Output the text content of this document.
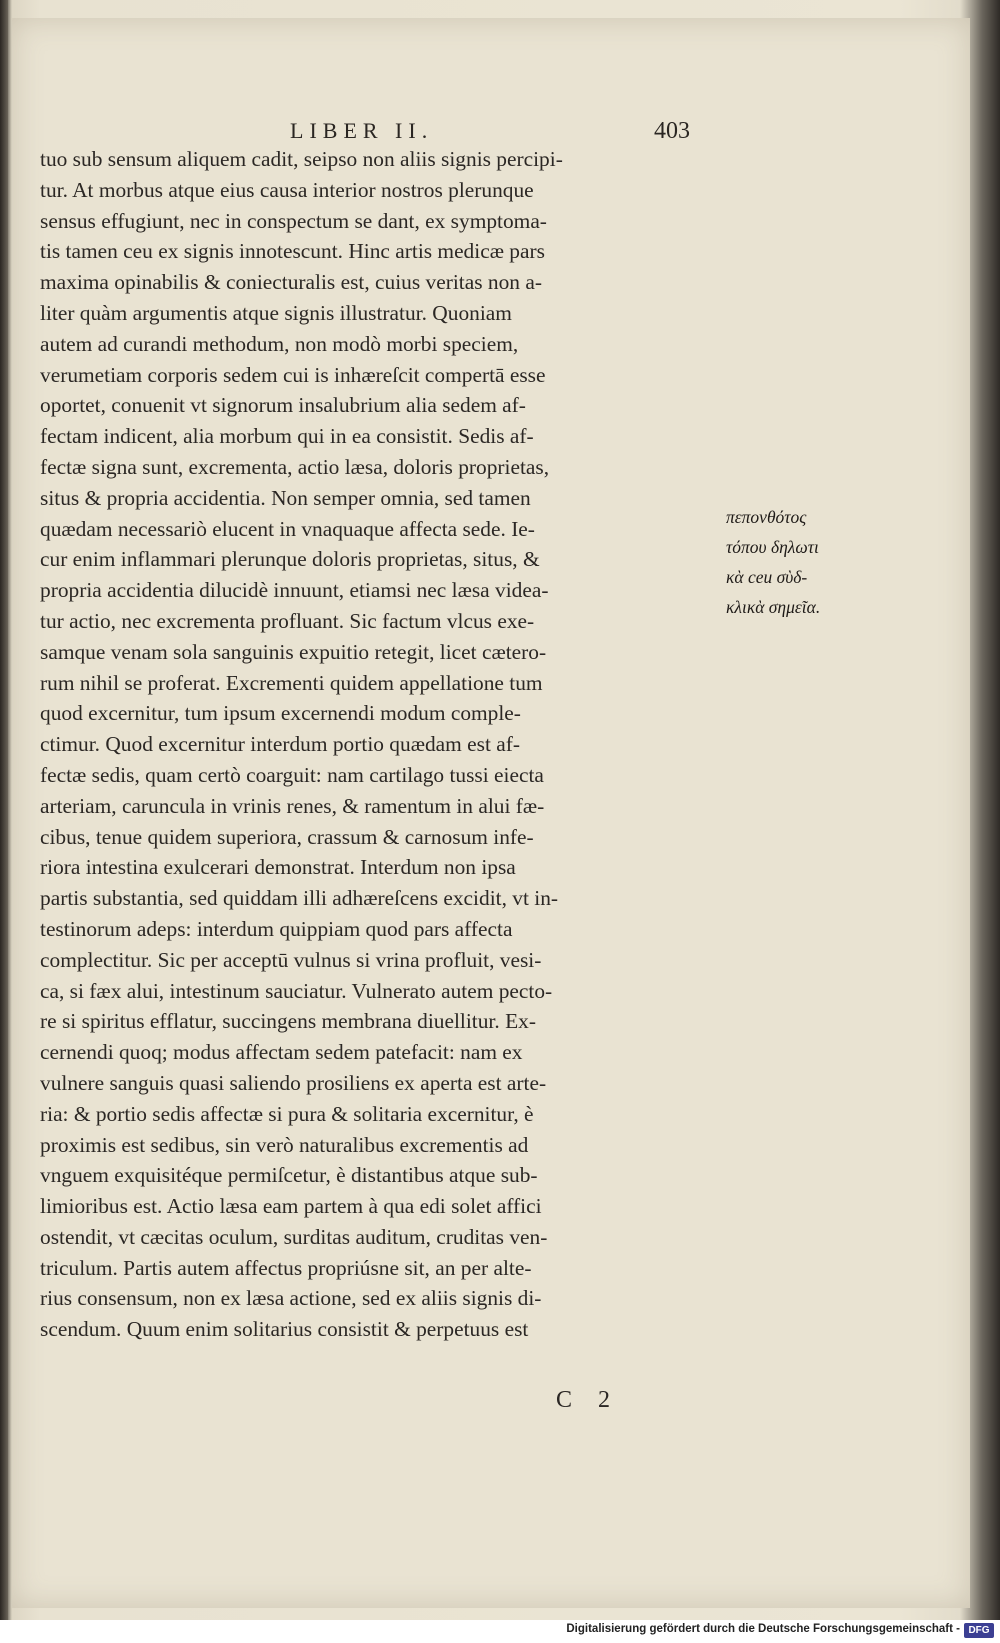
LIBER II.	403
tuo sub sensum aliquem cadit, seipso non aliis signis percipi-
tur. At morbus atque eius causa interior nostros plerunque
sensus effugiunt, nec in conspectum se dant, ex symptoma-
tis tamen ceu ex signis innotescunt. Hinc artis medicæ pars
maxima opinabilis & coniecturalis est, cuius veritas non a-
liter quàm argumentis atque signis illustratur. Quoniam
autem ad curandi methodum, non modò morbi speciem,
verumetiam corporis sedem cui is inhæreſcit compertā esse
oportet, conuenit vt signorum insalubrium alia sedem af-
fectam indicent, alia morbum qui in ea consistit. Sedis af-
fectæ signa sunt, excrementa, actio læsa, doloris proprietas,
situs & propria accidentia. Non semper omnia, sed tamen
quædam necessariò elucent in vnaquaque affecta sede. Ie-
cur enim inflammari plerunque doloris proprietas, situs, &
propria accidentia dilucidè innuunt, etiamsi nec læsa videa-
tur actio, nec excrementa profluant. Sic factum vlcus exe-
samque venam sola sanguinis expuitio retegit, licet cætero-
rum nihil se proferat. Excrementi quidem appellatione tum
quod excernitur, tum ipsum excernendi modum comple-
ctimur. Quod excernitur interdum portio quædam est af-
fectæ sedis, quam certò coarguit: nam cartilago tussi eiecta
arteriam, caruncula in vrinis renes, & ramentum in alui fæ-
cibus, tenue quidem superiora, crassum & carnosum infe-
riora intestina exulcerari demonstrat. Interdum non ipsa
partis substantia, sed quiddam illi adhæreſcens excidit, vt in-
testinorum adeps: interdum quippiam quod pars affecta
complectitur. Sic per acceptū vulnus si vrina profluit, vesi-
ca, si fæx alui, intestinum sauciatur. Vulnerato autem pecto-
re si spiritus efflatur, succingens membrana diuellitur. Ex-
cernendi quoq; modus affectam sedem patefacit: nam ex
vulnere sanguis quasi saliendo prosiliens ex aperta est arte-
ria: & portio sedis affectæ si pura & solitaria excernitur, è
proximis est sedibus, sin verò naturalibus excrementis ad
vnguem exquisitéque permiſcetur, è distantibus atque sub-
limioribus est. Actio læsa eam partem à qua edi solet affici
ostendit, vt cæcitas oculum, surditas auditum, cruditas ven-
triculum. Partis autem affectus propriúsne sit, an per alte-
rius consensum, non ex læsa actione, sed ex aliis signis di-
scendum. Quum enim solitarius consistit & perpetuus est
πεπονθότος
τόπου δηλωτι
κὰ ceu σὺδ-
κλικὰ σημεῖα.
C 2
Digitalisierung gefördert durch die Deutsche Forschungsgemeinschaft - DFG
